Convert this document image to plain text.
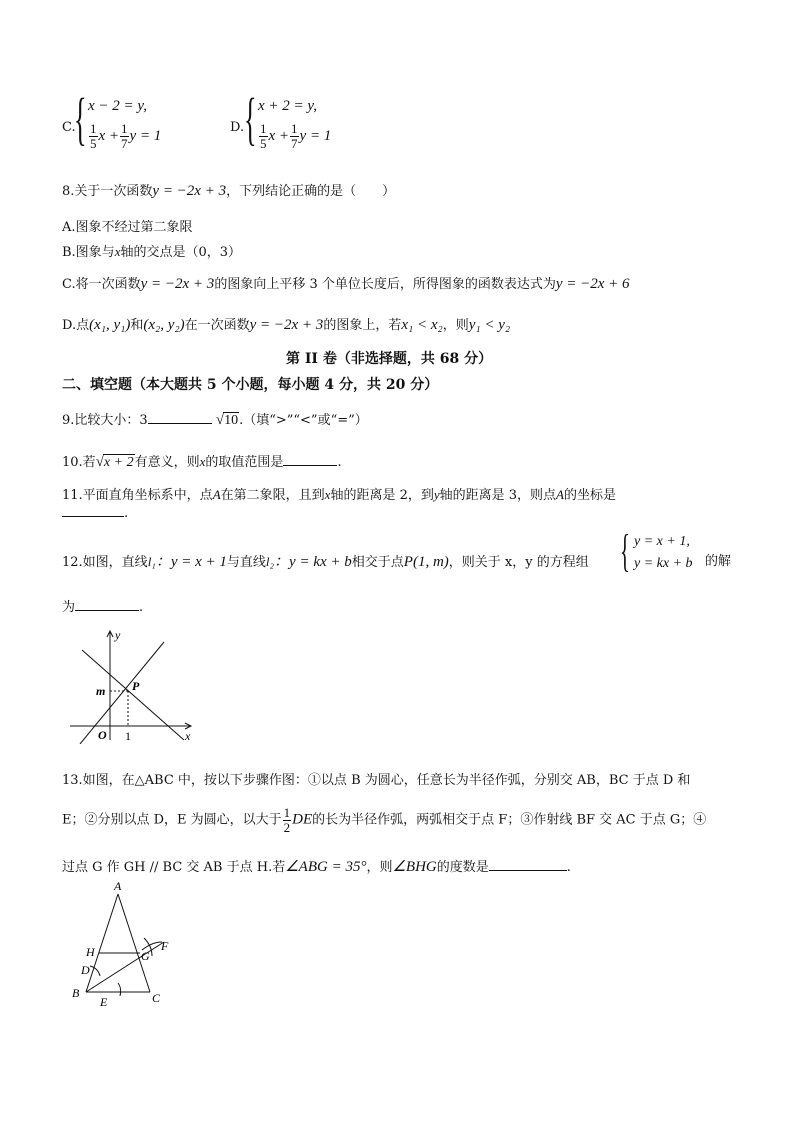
C.
{ x − 2 = y,
$\frac{1}{5}$ $x + \frac{1}{7}$ y = 1
D. { x + 2 = y,
$\frac{1}{5}$ $x + \frac{1}{7}$ y = 1
8.关于一次函数y = −2x + 3，下列结论正确的是（　　）
A.图象不经过第二象限
B.图象与x轴的交点是（0，3）
C.将一次函数y = −2x + 3的图象向上平移 3 个单位长度后，所得图象的函数表达式为y = −2x + 6
D.点(x₁, y₁)和(x₂, y₂)在一次函数y = −2x + 3的图象上，若x₁ < x₂，则y₁ < y₂
第 II 卷（非选择题，共 68 分）
二、填空题（本大题共 5 个小题，每小题 4 分，共 20 分）
9.比较大小：3	√10.（填“>”“<”或“=”）
10.若√x + 2有意义，则x的取值范围是	.
11.平面直角坐标系中，点A在第二象限，且到x轴的距离是 2，到y轴的距离是 3，则点A的坐标是
.
12.如图，直线l₁：y = x + 1与直线l₂：y = kx + b相交于点P(1, m)，则关于 x，y 的方程组 { y = x + 1,
y = kx + b 的解
为	.
y
x
m P
O 1
13.如图，在△ABC 中，按以下步骤作图：①以点 B 为圆心，任意长为半径作弧，分别交 AB，BC 于点 D 和
E；②分别以点 D，E 为圆心，以大于 $\frac{1}{2}$ DE的长为半径作弧，两弧相交于点 F；③作射线 BF 交 AC 于点 G；④
过点 G 作 GH // BC 交 AB 于点 H.若∠ABG = 35°，则∠BHG的度数是	.
A
H
D
G
F
B
E	C
